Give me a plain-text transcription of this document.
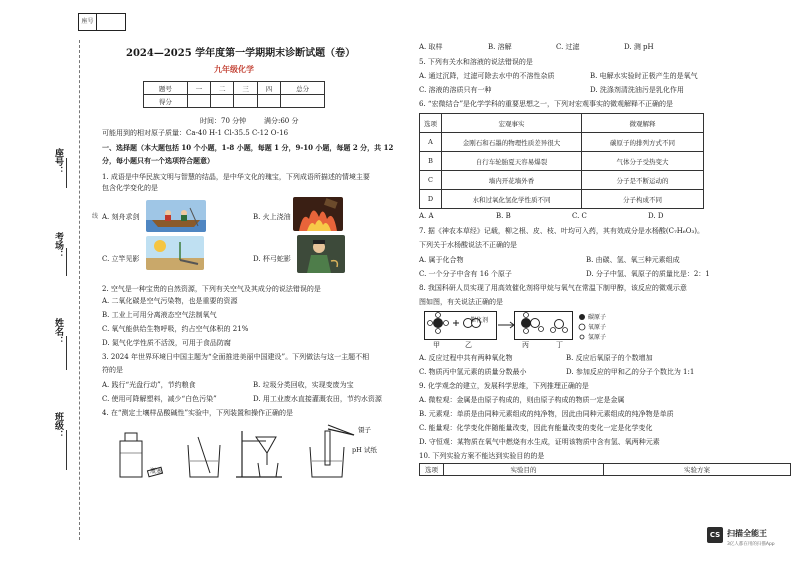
座号
座号：
考场：
线
姓名：
班级：
2024—2025 学年度第一学期期末诊断试题（卷）
九年级化学
题号	一	二	三	四	总分
得分					
时间：70 分钟	满分:60 分
可能用到的相对原子质量：Ca-40 H-1 Cl-35.5 C-12 O-16
一、选择题（本大题包括 10 个小题，1-8 小题，每题 1 分，9-10 小题，每题 2 分，共 12
分，每小题只有一个选项符合题意）
1. 成语是中华民族文明与智慧的结晶，是中华文化的瑰宝，下列成语所描述的情境主要
包含化学变化的是
A. 刻舟求剑	B. 火上浇油
C. 立竿见影	D. 杯弓蛇影
2. 空气是一种宝贵的自然资源，下列有关空气及其成分的说法错误的是
A. 二氧化碳是空气污染物，也是重要的资源
B. 工业上可用分离液态空气法制氧气
C. 氧气能供给生物呼吸，约占空气体积的 21%
D. 氮气化学性质不活泼，可用于食品防腐
3. 2024 年世界环境日中国主题为“全面推进美丽中国建设”。下列做法与这一主题不相
符的是
A. 践行“光盘行动”，节约粮食	B. 垃圾分类回收，实现变废为宝
C. 使用可降解塑料，减少“白色污染”	D. 用工业废水直接灌溉农田，节约水资源
4. 在“测定土壤样品酸碱性”实验中，下列装置和操作正确的是
瓶塞
镊子
pH 试纸
A. 取样	B. 溶解	C. 过滤	D. 测 pH
5. 下列有关水和溶液的说法错误的是
A. 通过沉降，过滤可除去水中的不溶性杂质	B. 电解水实验时正极产生的是氧气
C. 溶液的溶质只有一种	D. 洗涤剂清洗油污是乳化作用
6. “宏微结合”是化学学科的重要思想之一，下列对宏观事实的微观解释不正确的是
选项	宏观事实	微观解释
A	金刚石和石墨的物理性质差异很大	碳原子的排列方式不同
B	自行车轮胎夏天容易爆裂	气体分子受热变大
C	墙内开花墙外香	分子是不断运动的
D	水和过氧化氢化学性质不同	分子构成不同
A. A	B. B	C. C	D. D
7. 据《神农本草经》记载，柳之根、皮、枝、叶均可入药，其有效成分是水杨酸(C₇H₆O₃)。
下列关于水杨酸说法不正确的是
A. 属于化合物	B. 由碳、氢、氧三种元素组成
C. 一个分子中含有 16 个原子	D. 分子中氢、氧原子的质量比是：2：1
8. 我国科研人员实现了用高效催化剂将甲烷与氧气在常温下制甲醇，该反应的微观示意
图如图，有关说法正确的是
催化剂
甲	乙	丙	丁
碳原子
氧原子
氢原子
A. 反应过程中共有两种氧化物	B. 反应后氧原子的个数增加
C. 物质丙中氢元素的质量分数最小	D. 参加反应的甲和乙的分子个数比为 1:1
9. 化学观念的建立，发展科学思维，下列推理正确的是
A. 微粒观：金属是由原子构成的，则由原子构成的物质一定是金属
B. 元素观：单质是由同种元素组成的纯净物，因此由同种元素组成的纯净物是单质
C. 能量观：化学变化伴随能量改变，因此有能量改变的变化一定是化学变化
D. 守恒观：某物质在氧气中燃烧有水生成，证明该物质中含有氢、氧两种元素
10. 下列实验方案不能达到实验目的的是
选项	实验目的	实验方案
CS 扫描全能王
3亿人都在用的扫描App
